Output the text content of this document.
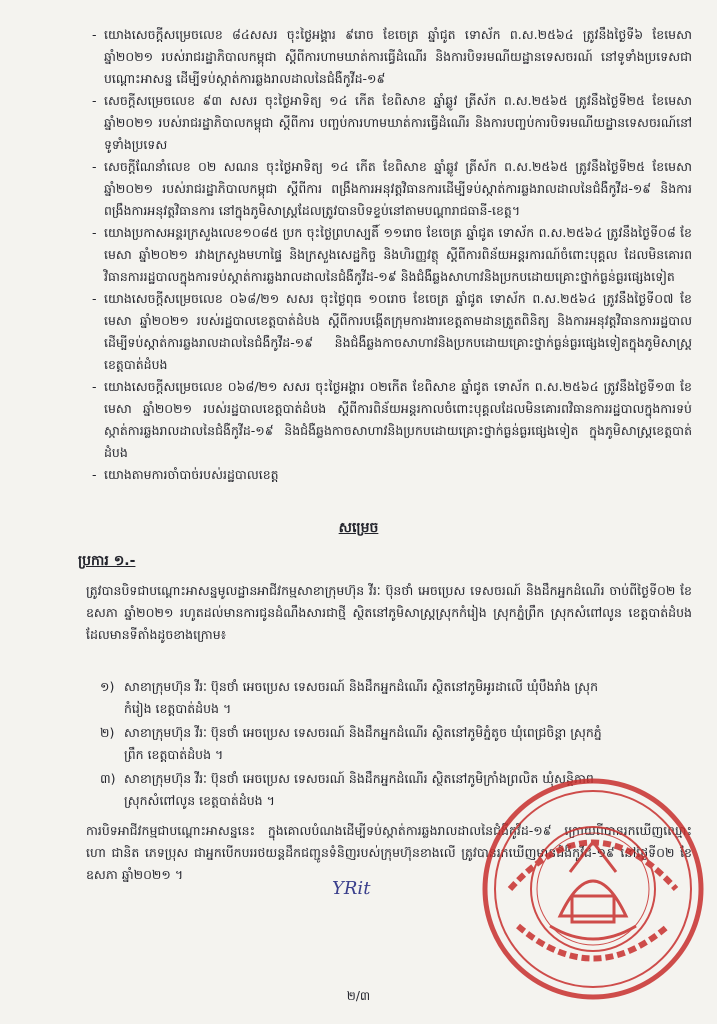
- យោងសេចក្តីសម្រេចលេខ ៨៤សសរ ចុះថ្ងៃអង្គារ ៩រោច ខែចេត្រ ឆ្នាំជូត ទោស័ក ព.ស.២៥៦៤ ត្រូវនឹងថ្ងៃទី៦ ខែមេសា ឆ្នាំ២០២១ របស់រាជរដ្ឋាភិបាលកម្ពុជា ស្តីពីការហាមឃាត់ការធ្វើដំណើរ និងការបិទរមណីយដ្ឋានទេសចរណ៍ នៅទូទាំងប្រទេសជាបណ្តោះអាសន្ន ដើម្បីទប់ស្កាត់ការឆ្លងរាលដាលនៃជំងឺកូវីដ-១៩
- សេចក្តីសម្រេចលេខ ៩៣ សសរ ចុះថ្ងៃអាទិត្យ ១៤ កើត ខែពិសាខ ឆ្នាំឆ្លូវ ត្រីស័ក ព.ស.២៥៦៥ ត្រូវនឹងថ្ងៃទី២៥ ខែមេសា ឆ្នាំ២០២១ របស់រាជរដ្ឋាភិបាលកម្ពុជា ស្តីពីការ បញ្ចប់ការហាមឃាត់ការធ្វើដំណើរ និងការបញ្ចប់ការបិទរមណីយដ្ឋានទេសចរណ៍នៅទូទាំងប្រទេស
- សេចក្តីណែនាំលេខ ០២ សណន ចុះថ្ងៃអាទិត្យ ១៤ កើត ខែពិសាខ ឆ្នាំឆ្លូវ ត្រីស័ក ព.ស.២៥៦៥ ត្រូវនឹងថ្ងៃទី២៥ ខែមេសា ឆ្នាំ២០២១ របស់រាជរដ្ឋាភិបាលកម្ពុជា ស្តីពីការ ពង្រឹងការអនុវត្តវិធានការដើម្បីទប់ស្កាត់ការឆ្លងរាលដាលនៃជំងឺកូវីដ-១៩ និងការពង្រឹងការអនុវត្តវិធានការ នៅក្នុងភូមិសាស្ត្រដែលត្រូវបានបិទខ្ទប់នៅតាមបណ្តារាជធានី-ខេត្ត។
- យោងប្រកាសអន្តរក្រសួងលេខ១០៨៥ ប្រក ចុះថ្ងៃព្រហស្បតិ៍ ១១រោច ខែចេត្រ ឆ្នាំជូត ទោស័ក ព.ស.២៥៦៤ ត្រូវនឹងថ្ងៃទី០៨ ខែមេសា ឆ្នាំ២០២១ រវាងក្រសួងមហាផ្ទៃ និងក្រសួងសេដ្ឋកិច្ច និងហិរញ្ញវត្ថុ ស្តីពីការពិន័យអន្តរការណ៍ចំពោះបុគ្គល ដែលមិនគោរពវិធានការរដ្ឋបាលក្នុងការទប់ស្កាត់ការឆ្លងរាលដាលនៃជំងឺកូវីដ-១៩ និងជំងឺឆ្លងសាហាវនិងប្រកបដោយគ្រោះថ្នាក់ធ្ងន់ធ្ងរផ្សេងទៀត
- យោងសេចក្តីសម្រេចលេខ ០៦៨/២១ សសរ ចុះថ្ងៃពុធ ១០រោច ខែចេត្រ ឆ្នាំជូត ទោស័ក ព.ស.២៥៦៤ ត្រូវនឹងថ្ងៃទី០៧ ខែមេសា ឆ្នាំ២០២១ របស់រដ្ឋបាលខេត្តបាត់ដំបង ស្តីពីការបង្កើតក្រុមការងារខេត្តតាមដានត្រួតពិនិត្យ និងការអនុវត្តវិធានការរដ្ឋបាលដើម្បីទប់ស្កាត់ការឆ្លងរាលដាលនៃជំងឺកូវីដ-១៩ និងជំងឺឆ្លងកាចសាហាវនិងប្រកបដោយគ្រោះថ្នាក់ធ្ងន់ធ្ងរផ្សេងទៀតក្នុងភូមិសាស្ត្រខេត្តបាត់ដំបង
- យោងសេចក្តីសម្រេចលេខ ០៦៨/២១ សសរ ចុះថ្ងៃអង្គារ ០២កើត ខែពិសាខ ឆ្នាំជូត ទោស័ក ព.ស.២៥៦៤ ត្រូវនឹងថ្ងៃទី១៣ ខែមេសា ឆ្នាំ២០២១ របស់រដ្ឋបាលខេត្តបាត់ដំបង ស្តីពីការពិន័យអន្តរកាលចំពោះបុគ្គលដែលមិនគោរពវិធានការរដ្ឋបាលក្នុងការទប់ស្កាត់ការឆ្លងរាលដាលនៃជំងឺកូវីដ-១៩ និងជំងឺឆ្លងកាចសាហាវនិងប្រកបដោយគ្រោះថ្នាក់ធ្ងន់ធ្ងរផ្សេងទៀត ក្នុងភូមិសាស្ត្រខេត្តបាត់ដំបង
- យោងតាមការចាំបាច់របស់រដ្ឋបាលខេត្ត
សម្រេច
ប្រការ ១.-
ត្រូវបានបិទជាបណ្តោះអាសន្នមូលដ្ឋានអាជីវកម្មសាខាក្រុមហ៊ុន វីរៈ ប៊ុនថាំ អេចប្រេស ទេសចរណ៍ និងដឹកអ្នកដំណើរ ចាប់ពីថ្ងៃទី០២ ខែឧសភា ឆ្នាំ២០២១ រហូតដល់មានការជូនដំណឹងសារជាថ្មី ស្ថិតនៅភូមិសាស្ត្រស្រុកកំរៀង ស្រុកភ្នំព្រឹក ស្រុកសំពៅលូន ខេត្តបាត់ដំបង ដែលមានទីតាំងដូចខាងក្រោម៖
១) សាខាក្រុមហ៊ុន វីរៈ ប៊ុនថាំ អេចប្រេស ទេសចរណ៍ និងដឹកអ្នកដំណើរ ស្ថិតនៅភូមិអូរដាលើ ឃុំបឹងរាំង ស្រុកកំរៀង ខេត្តបាត់ដំបង ។
២) សាខាក្រុមហ៊ុន វីរៈ ប៊ុនថាំ អេចប្រេស ទេសចរណ៍ និងដឹកអ្នកដំណើរ ស្ថិតនៅភូមិភ្នំតូច ឃុំពេជ្រចិន្តា ស្រុកភ្នំព្រឹក ខេត្តបាត់ដំបង ។
៣) សាខាក្រុមហ៊ុន វីរៈ ប៊ុនថាំ អេចប្រេស ទេសចរណ៍ និងដឹកអ្នកដំណើរ ស្ថិតនៅភូមិក្រាំងព្រលិត ឃុំសន្តិភាព ស្រុកសំពៅលូន ខេត្តបាត់ដំបង ។
ការបិទអាជីវកម្មជាបណ្តោះអាសន្ននេះ ក្នុងគោលបំណងដើម្បីទប់ស្កាត់ការឆ្លងរាលដាលនៃជំងឺកូវីដ-១៩ ក្រោយពីបានរកឃើញឈ្មោះ ហោ ជានិត ភេទប្រុស ជាអ្នកបើកបររថយន្តដឹកជញ្ជូនទំនិញរបស់ក្រុមហ៊ុនខាងលើ ត្រូវបានរកឃើញមានជំងឺកូវីដ-១៩ នៅថ្ងៃទី០២ ខែឧសភា ឆ្នាំ២០២១ ។
YRit
២/៣
